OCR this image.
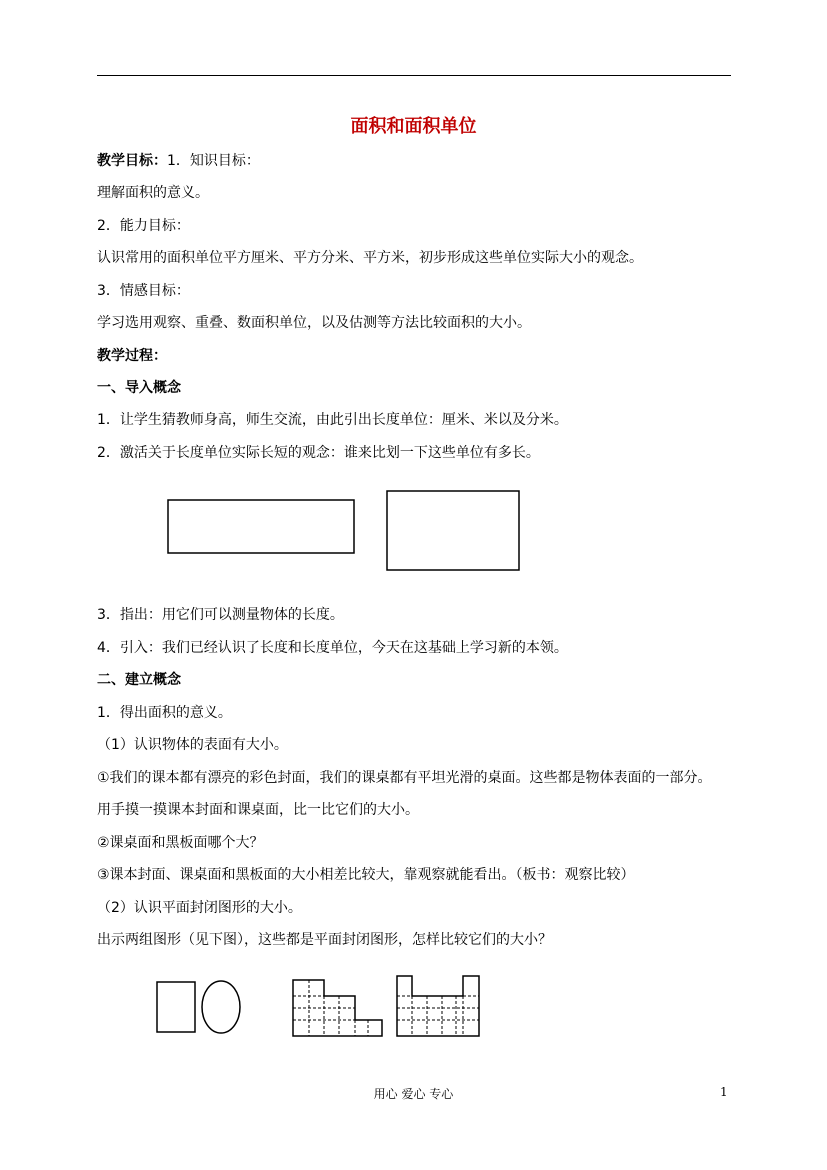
面积和面积单位
教学目标：1．知识目标：
理解面积的意义。
2．能力目标：
认识常用的面积单位平方厘米、平方分米、平方米，初步形成这些单位实际大小的观念。
3．情感目标：
学习选用观察、重叠、数面积单位，以及估测等方法比较面积的大小。
教学过程：
一、导入概念
1．让学生猜教师身高，师生交流，由此引出长度单位：厘米、米以及分米。
2．激活关于长度单位实际长短的观念：谁来比划一下这些单位有多长。
3．指出：用它们可以测量物体的长度。
4．引入：我们已经认识了长度和长度单位，今天在这基础上学习新的本领。
二、建立概念
1．得出面积的意义。
（1）认识物体的表面有大小。
①我们的课本都有漂亮的彩色封面，我们的课桌都有平坦光滑的桌面。这些都是物体表面的一部分。
用手摸一摸课本封面和课桌面，比一比它们的大小。
②课桌面和黑板面哪个大？
③课本封面、课桌面和黑板面的大小相差比较大，靠观察就能看出。（板书：观察比较）
（2）认识平面封闭图形的大小。
出示两组图形（见下图），这些都是平面封闭图形，怎样比较它们的大小？
用心 爱心 专心	1
